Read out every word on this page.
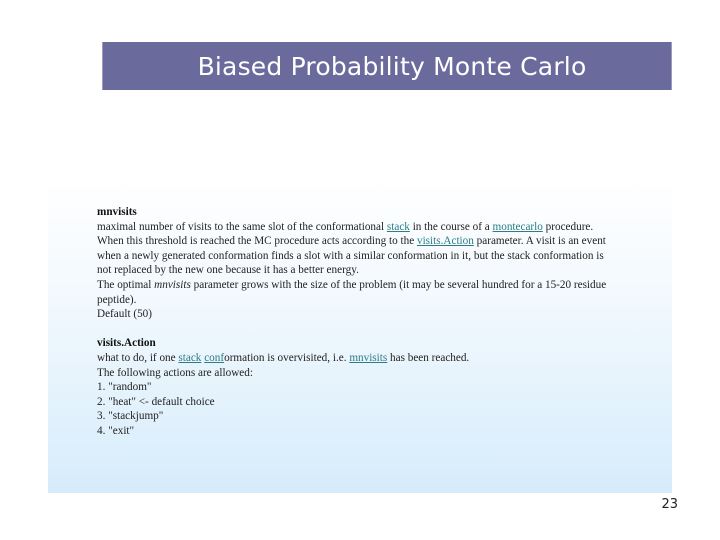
Biased Probability Monte Carlo
mnvisits
maximal number of visits to the same slot of the conformational stack in the course of a montecarlo procedure.
When this threshold is reached the MC procedure acts according to the visits.Action parameter. A visit is an event
when a newly generated conformation finds a slot with a similar conformation in it, but the stack conformation is
not replaced by the new one because it has a better energy.
The optimal mnvisits parameter grows with the size of the problem (it may be several hundred for a 15-20 residue
peptide).
Default (50)
visits.Action
what to do, if one stack conformation is overvisited, i.e. mnvisits has been reached.
The following actions are allowed:
1. "random"
2. "heat" <- default choice
3. "stackjump"
4. "exit"
23
